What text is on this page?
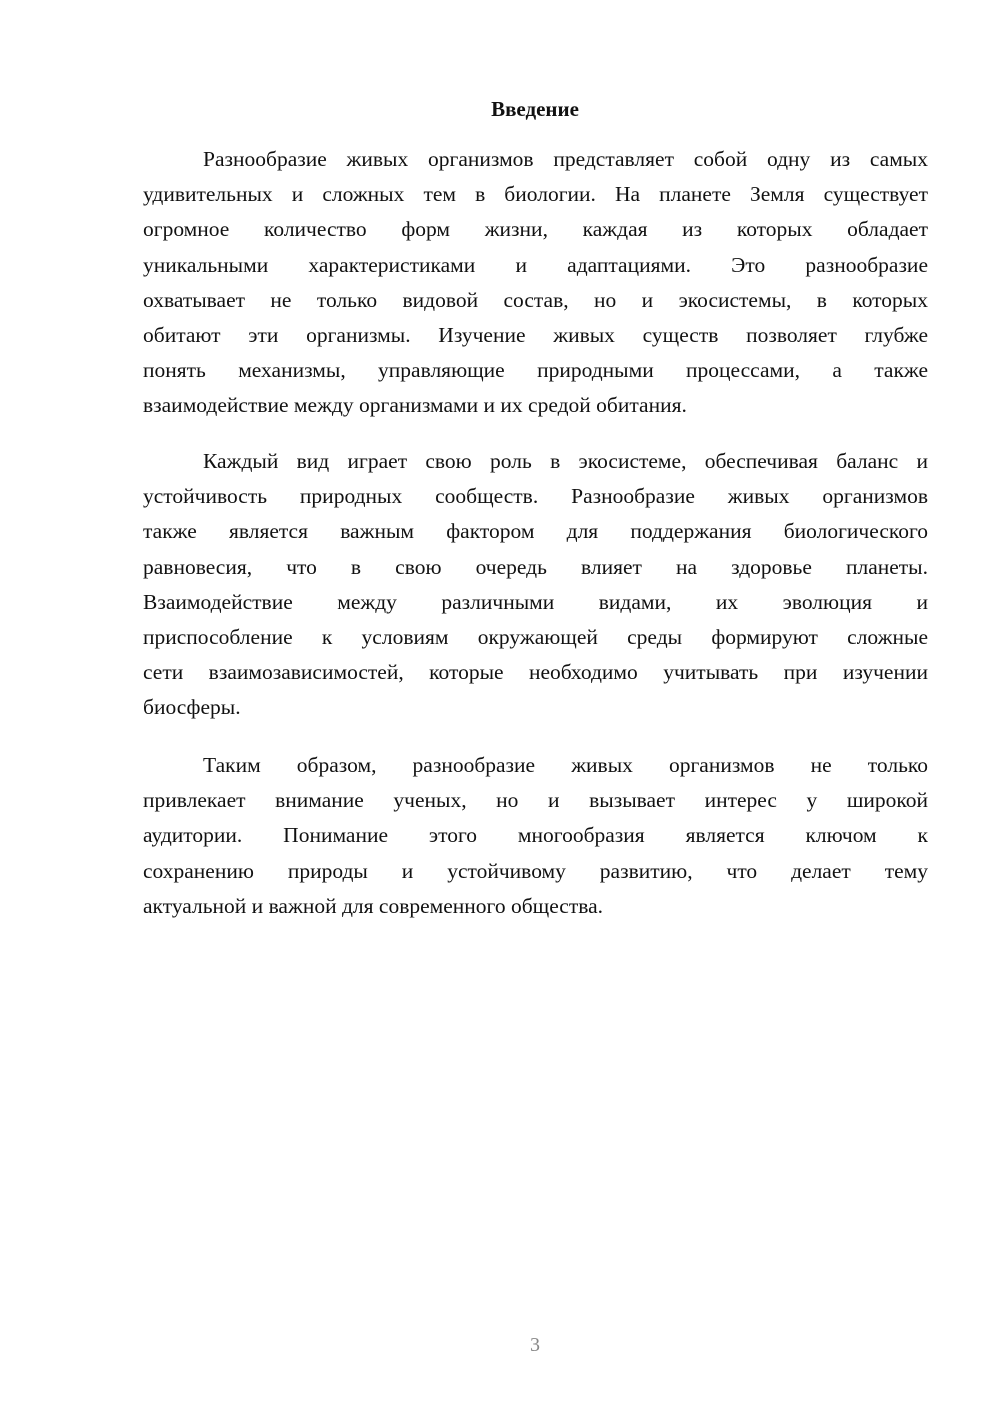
Введение
Разнообразие живых организмов представляет собой одну из самых
удивительных и сложных тем в биологии. На планете Земля существует
огромное количество форм жизни, каждая из которых обладает
уникальными характеристиками и адаптациями. Это разнообразие
охватывает не только видовой состав, но и экосистемы, в которых
обитают эти организмы. Изучение живых существ позволяет глубже
понять механизмы, управляющие природными процессами, а также
взаимодействие между организмами и их средой обитания.
Каждый вид играет свою роль в экосистеме, обеспечивая баланс и
устойчивость природных сообществ. Разнообразие живых организмов
также является важным фактором для поддержания биологического
равновесия, что в свою очередь влияет на здоровье планеты.
Взаимодействие между различными видами, их эволюция и
приспособление к условиям окружающей среды формируют сложные
сети взаимозависимостей, которые необходимо учитывать при изучении
биосферы.
Таким образом, разнообразие живых организмов не только
привлекает внимание ученых, но и вызывает интерес у широкой
аудитории. Понимание этого многообразия является ключом к
сохранению природы и устойчивому развитию, что делает тему
актуальной и важной для современного общества.
3
